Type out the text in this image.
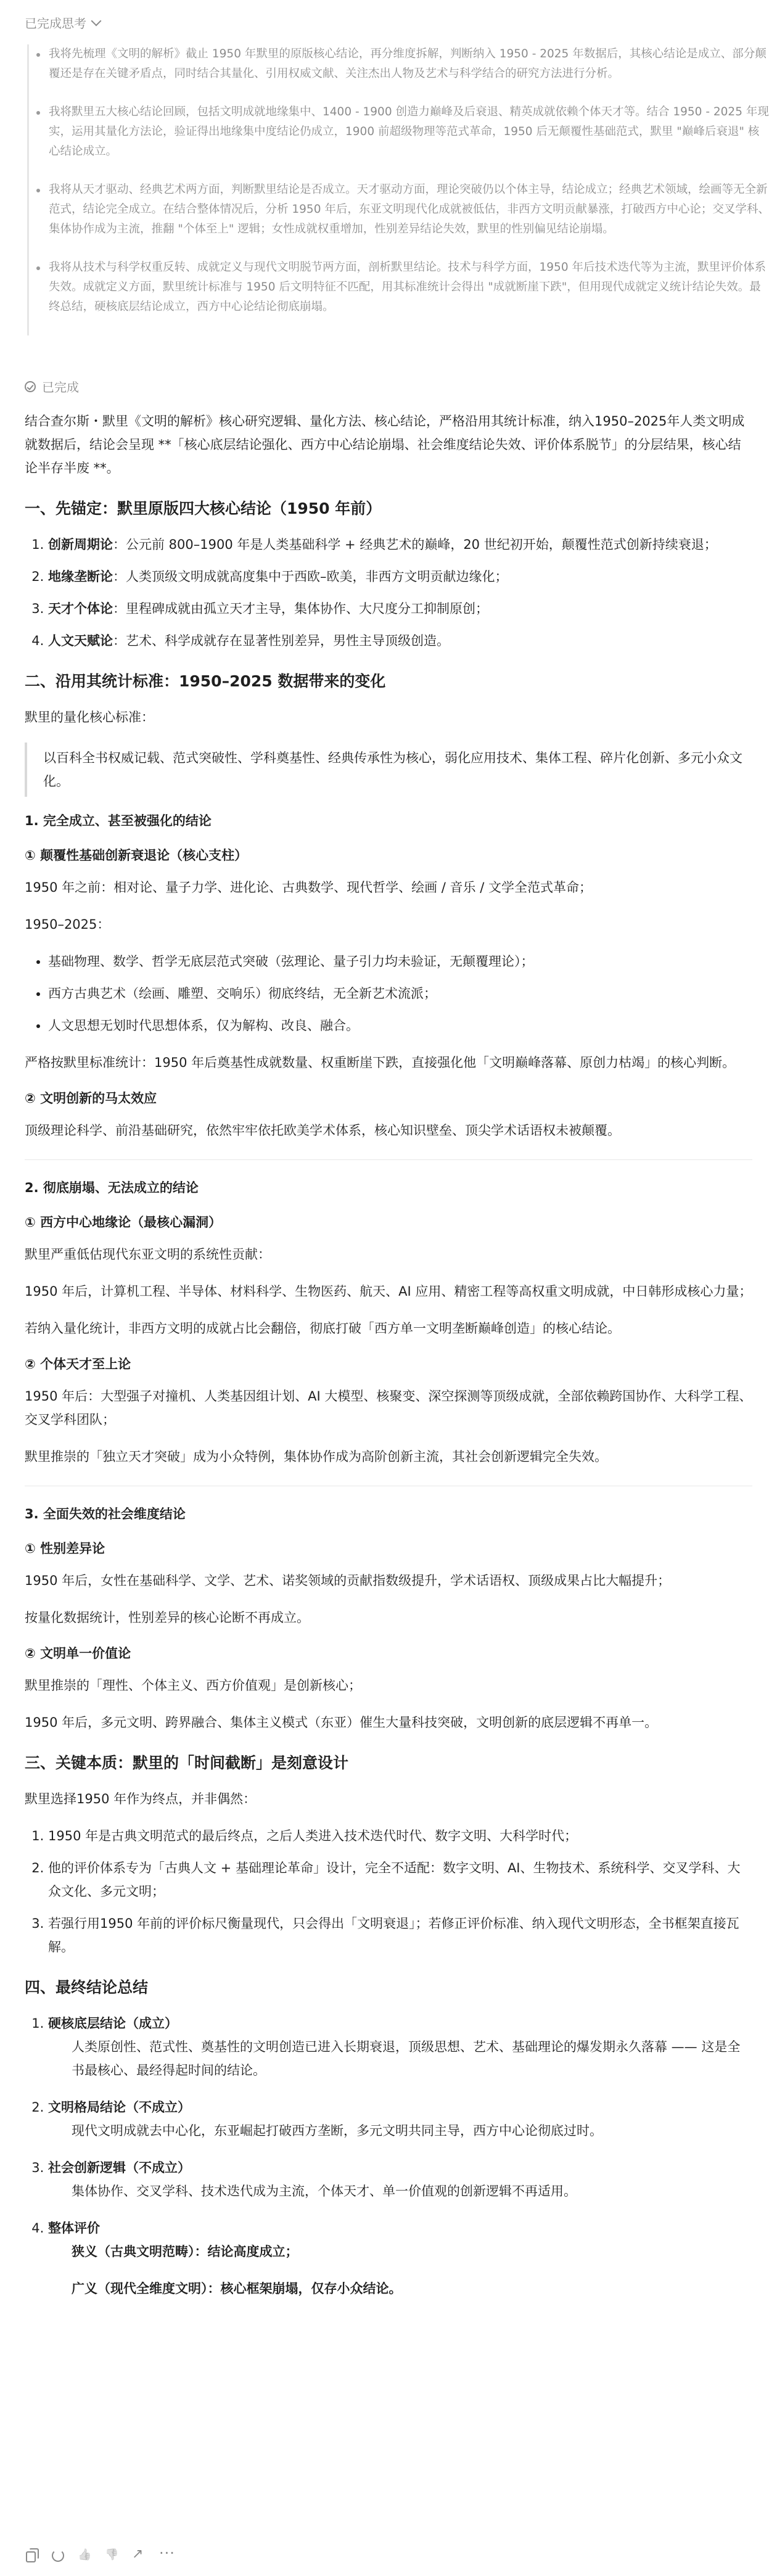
已完成思考
我将先梳理《文明的解析》截止 1950 年默里的原版核心结论，再分维度拆解，判断纳入 1950 - 2025 年数据后，其核心结论是成立、部分颠覆还是存在关键矛盾点，同时结合其量化、引用权威文献、关注杰出人物及艺术与科学结合的研究方法进行分析。
我将默里五大核心结论回顾，包括文明成就地缘集中、1400 - 1900 创造力巅峰及后衰退、精英成就依赖个体天才等。结合 1950 - 2025 年现实，运用其量化方法论，验证得出地缘集中度结论仍成立，1900 前超级物理等范式革命，1950 后无颠覆性基础范式，默里 "巅峰后衰退" 核心结论成立。
我将从天才驱动、经典艺术两方面，判断默里结论是否成立。天才驱动方面，理论突破仍以个体主导，结论成立；经典艺术领域，绘画等无全新范式，结论完全成立。在结合整体情况后，分析 1950 年后，东亚文明现代化成就被低估，非西方文明贡献暴涨，打破西方中心论；交叉学科、集体协作成为主流，推翻 "个体至上" 逻辑；女性成就权重增加，性别差异结论失效，默里的性别偏见结论崩塌。
我将从技术与科学权重反转、成就定义与现代文明脱节两方面，剖析默里结论。技术与科学方面，1950 年后技术迭代等为主流，默里评价体系失效。成就定义方面，默里统计标准与 1950 后文明特征不匹配，用其标准统计会得出 "成就断崖下跌"，但用现代成就定义统计结论失效。最终总结，硬核底层结论成立，西方中心论结论彻底崩塌。
已完成

结合查尔斯・默里《文明的解析》核心研究逻辑、量化方法、核心结论，严格沿用其统计标准，纳入1950–2025年人类文明成就数据后，结论会呈现 **「核心底层结论强化、西方中心结论崩塌、社会维度结论失效、评价体系脱节」的分层结果，核心结论半存半废 **。

一、先锚定：默里原版四大核心结论（1950 年前）
1. 创新周期论：公元前 800–1900 年是人类基础科学 + 经典艺术的巅峰，20 世纪初开始，颠覆性范式创新持续衰退；
2. 地缘垄断论：人类顶级文明成就高度集中于西欧–欧美，非西方文明贡献边缘化；
3. 天才个体论：里程碑成就由孤立天才主导，集体协作、大尺度分工抑制原创；
4. 人文天赋论：艺术、科学成就存在显著性别差异，男性主导顶级创造。
二、沿用其统计标准：1950–2025 数据带来的变化

默里的量化核心标准：

以百科全书权威记载、范式突破性、学科奠基性、经典传承性为核心，弱化应用技术、集体工程、碎片化创新、多元小众文化。
1. 完全成立、甚至被强化的结论
① 颠覆性基础创新衰退论（核心支柱）

1950 年之前：相对论、量子力学、进化论、古典数学、现代哲学、绘画 / 音乐 / 文学全范式革命；

1950–2025：

• 基础物理、数学、哲学无底层范式突破（弦理论、量子引力均未验证，无颠覆理论）；
• 西方古典艺术（绘画、雕塑、交响乐）彻底终结，无全新艺术流派；
• 人文思想无划时代思想体系，仅为解构、改良、融合。

严格按默里标准统计：1950 年后奠基性成就数量、权重断崖下跌，直接强化他「文明巅峰落幕、原创力枯竭」的核心判断。

② 文明创新的马太效应

顶级理论科学、前沿基础研究，依然牢牢依托欧美学术体系，核心知识壁垒、顶尖学术话语权未被颠覆。

2. 彻底崩塌、无法成立的结论
① 西方中心地缘论（最核心漏洞）

默里严重低估现代东亚文明的系统性贡献：

1950 年后，计算机工程、半导体、材料科学、生物医药、航天、AI 应用、精密工程等高权重文明成就，中日韩形成核心力量；

若纳入量化统计，非西方文明的成就占比会翻倍，彻底打破「西方单一文明垄断巅峰创造」的核心结论。

② 个体天才至上论

1950 年后：大型强子对撞机、人类基因组计划、AI 大模型、核聚变、深空探测等顶级成就，全部依赖跨国协作、大科学工程、交叉学科团队；

默里推崇的「独立天才突破」成为小众特例，集体协作成为高阶创新主流，其社会创新逻辑完全失效。

3. 全面失效的社会维度结论
① 性别差异论

1950 年后，女性在基础科学、文学、艺术、诺奖领域的贡献指数级提升，学术话语权、顶级成果占比大幅提升；

按量化数据统计，性别差异的核心论断不再成立。

② 文明单一价值论

默里推崇的「理性、个体主义、西方价值观」是创新核心；

1950 年后，多元文明、跨界融合、集体主义模式（东亚）催生大量科技突破，文明创新的底层逻辑不再单一。

三、关键本质：默里的「时间截断」是刻意设计

默里选择1950 年作为终点，并非偶然：

1. 1950 年是古典文明范式的最后终点，之后人类进入技术迭代时代、数字文明、大科学时代；
2. 他的评价体系专为「古典人文 + 基础理论革命」设计，完全不适配：数字文明、AI、生物技术、系统科学、交叉学科、大众文化、多元文明；
3. 若强行用1950 年前的评价标尺衡量现代，只会得出「文明衰退」；若修正评价标准、纳入现代文明形态，全书框架直接瓦解。
四、最终结论总结
1. 硬核底层结论（成立）

人类原创性、范式性、奠基性的文明创造已进入长期衰退，顶级思想、艺术、基础理论的爆发期永久落幕 —— 这是全书最核心、最经得起时间的结论。

2. 文明格局结论（不成立）

现代文明成就去中心化，东亚崛起打破西方垄断，多元文明共同主导，西方中心论彻底过时。

3. 社会创新逻辑（不成立）

集体协作、交叉学科、技术迭代成为主流，个体天才、单一价值观的创新逻辑不再适用。

4. 整体评价

狭义（古典文明范畴）：结论高度成立；

广义（现代全维度文明）：核心框架崩塌，仅存小众结论。

👍
👎
↗
···
